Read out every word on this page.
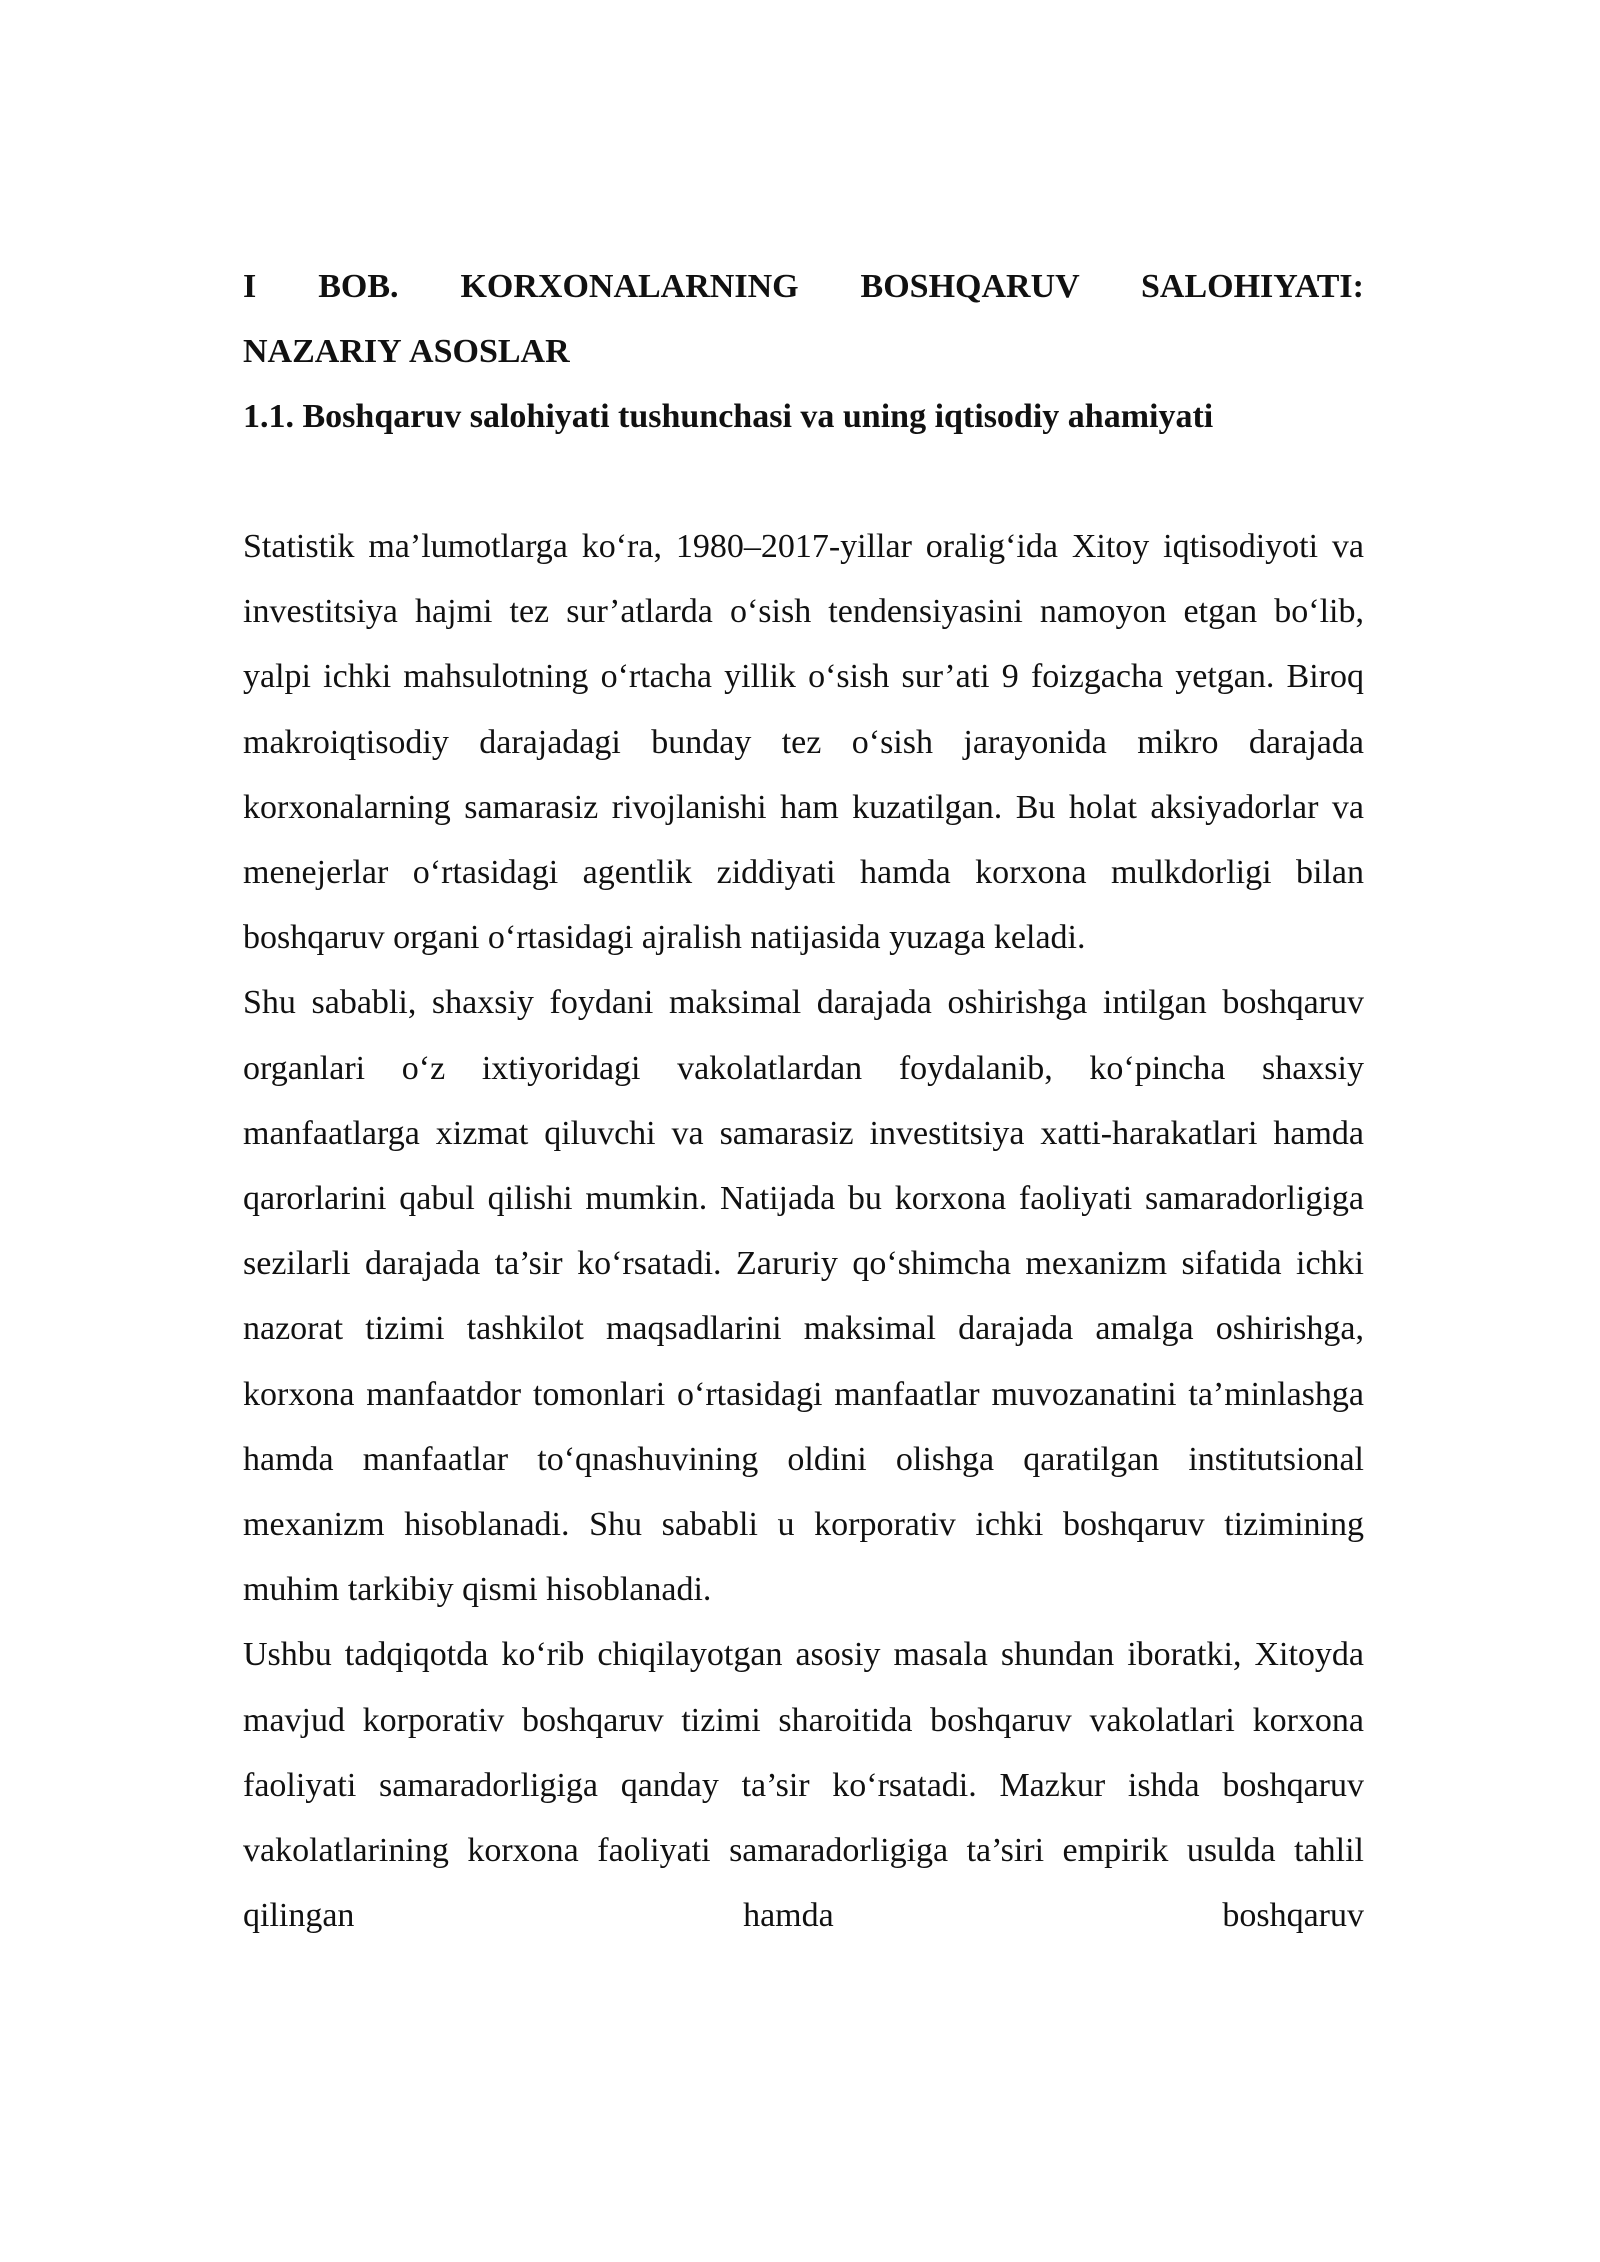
I BOB. KORXONALARNING BOSHQARUV SALOHIYATI:
NAZARIY ASOSLAR
1.1. Boshqaruv salohiyati tushunchasi va uning iqtisodiy ahamiyati

Statistik ma’lumotlarga ko‘ra, 1980–2017-yillar oralig‘ida Xitoy iqtisodiyoti va investitsiya hajmi tez sur’atlarda o‘sish tendensiyasini namoyon etgan bo‘lib, yalpi ichki mahsulotning o‘rtacha yillik o‘sish sur’ati 9 foizgacha yetgan. Biroq makroiqtisodiy darajadagi bunday tez o‘sish jarayonida mikro darajada korxonalarning samarasiz rivojlanishi ham kuzatilgan. Bu holat aksiyadorlar va menejerlar o‘rtasidagi agentlik ziddiyati hamda korxona mulkdorligi bilan boshqaruv organi o‘rtasidagi ajralish natijasida yuzaga keladi.

Shu sababli, shaxsiy foydani maksimal darajada oshirishga intilgan boshqaruv organlari o‘z ixtiyoridagi vakolatlardan foydalanib, ko‘pincha shaxsiy manfaatlarga xizmat qiluvchi va samarasiz investitsiya xatti-harakatlari hamda qarorlarini qabul qilishi mumkin. Natijada bu korxona faoliyati samaradorligiga sezilarli darajada ta’sir ko‘rsatadi. Zaruriy qo‘shimcha mexanizm sifatida ichki nazorat tizimi tashkilot maqsadlarini maksimal darajada amalga oshirishga, korxona manfaatdor tomonlari o‘rtasidagi manfaatlar muvozanatini ta’minlashga hamda manfaatlar to‘qnashuvining oldini olishga qaratilgan institutsional mexanizm hisoblanadi. Shu sababli u korporativ ichki boshqaruv tizimining muhim tarkibiy qismi hisoblanadi.

Ushbu tadqiqotda ko‘rib chiqilayotgan asosiy masala shundan iboratki, Xitoyda mavjud korporativ boshqaruv tizimi sharoitida boshqaruv vakolatlari korxona faoliyati samaradorligiga qanday ta’sir ko‘rsatadi. Mazkur ishda boshqaruv vakolatlarining korxona faoliyati samaradorligiga ta’siri empirik usulda tahlil qilingan hamda boshqaruv
